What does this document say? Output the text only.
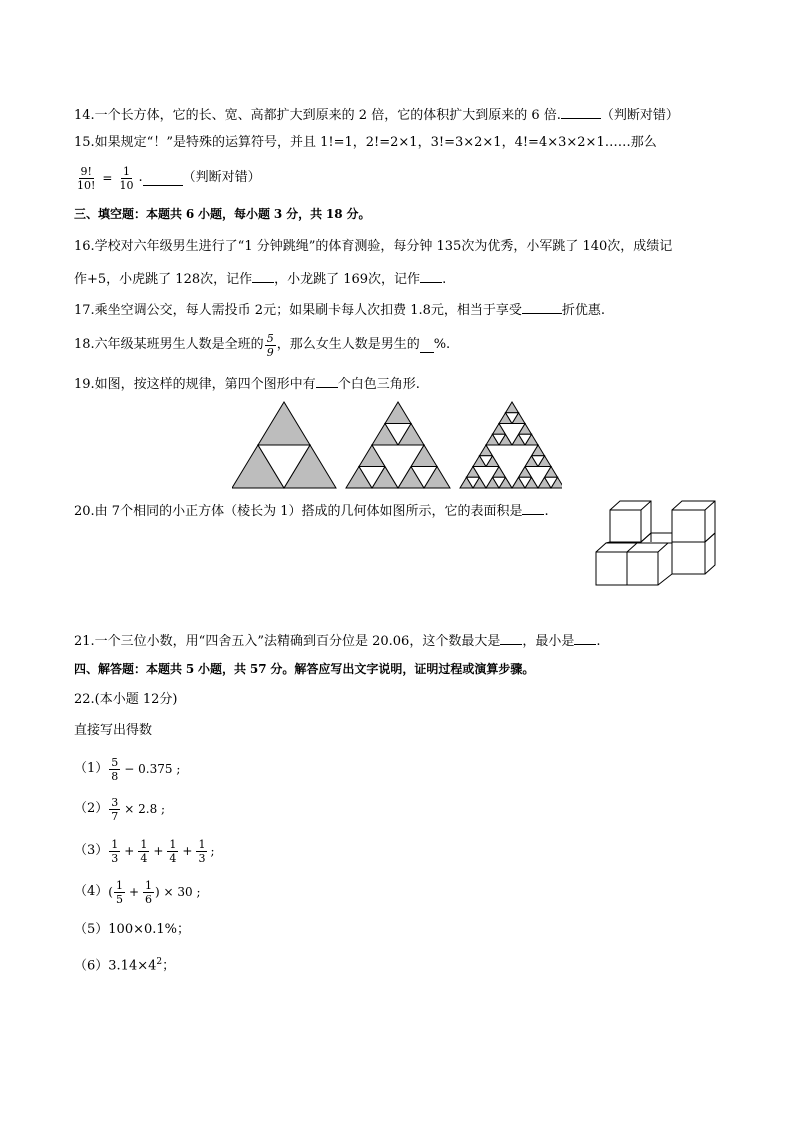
14.一个长方体，它的长、宽、高都扩大到原来的 2 倍，它的体积扩大到原来的 6 倍.	（判断对错）
15.如果规定“！”是特殊的运算符号，并且 1!=1，2!=2×1，3!=3×2×1，4!=4×3×2×1……那么
$\frac{9!}{10!} = \frac{1}{10}$ .	（判断对错）
三、填空题：本题共 6 小题，每小题 3 分，共 18 分。
16.学校对六年级男生进行了“1 分钟跳绳”的体育测验，每分钟 135次为优秀，小军跳了 140次，成绩记
作+5，小虎跳了 128次，记作 ，小龙跳了 169次，记作 .
17.乘坐空调公交，每人需投币 2元；如果刷卡每人次扣费 1.8元，相当于享受	折优惠.
18.六年级某班男生人数是全班的 $\frac{5}{9}$ ，那么女生人数是男生的 %.
19.如图，按这样的规律，第四个图形中有 个白色三角形.
20.由 7个相同的小正方体（棱长为 1）搭成的几何体如图所示，它的表面积是 .
21.一个三位小数，用“四舍五入”法精确到百分位是 20.06，这个数最大是 ，最小是 .
四、解答题：本题共 5 小题，共 57 分。解答应写出文字说明，证明过程或演算步骤。
22.(本小题 12分)
直接写出得数
$(1) \frac{5}{8} - 0.375$ ;
$(2) \frac{3}{7} \times 2.8$ ;
$(3) \frac{1}{3} + \frac{1}{4} + \frac{1}{4} + \frac{1}{3}$ ;
（4） ( $\frac{1}{5} + \frac{1}{6}$ ) × 30 ;
（5）100×0.1%；
$(6)3.14\times 4^2$；
